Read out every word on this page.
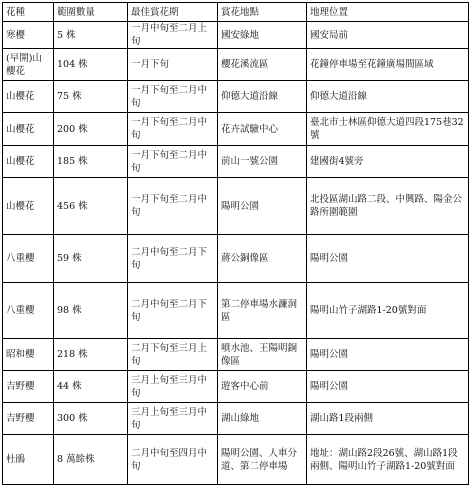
花種	範圍數量	最佳賞花期	賞花地點	地理位置
寒櫻	5 株	一月中旬至二月上旬	國安綠地	國安局前
(早開)山櫻花	104 株	一月下旬	櫻花溪流區	花鐘停車場至花鐘廣場間區域
山櫻花	75 株	一月下旬至二月中旬	仰德大道沿線	仰德大道沿線
山櫻花	200 株	一月下旬至二月中旬	花卉試驗中心	臺北市士林區仰德大道四段175巷32號
山櫻花	185 株	一月下旬至二月中旬	前山一號公園	建國街4號旁
山櫻花	456 株	一月下旬至二月中旬	陽明公園	北投區湖山路二段、中興路、陽金公路所圍範圍
八重櫻	59 株	二月中旬至二月下旬	蔣公銅像區	陽明公園
八重櫻	98 株	二月中旬至二月下旬	第二停車場水濂洞區	陽明山竹子湖路1-20號對面
昭和櫻	218 株	二月下旬至三月上旬	噴水池、王陽明銅像區	陽明公園
吉野櫻	44 株	三月上旬至三月中旬	遊客中心前	陽明公園
吉野櫻	300 株	三月上旬至三月中旬	湖山綠地	湖山路1段兩側
杜鵑	8 萬餘株	二月中旬至四月中旬	陽明公園、人車分道、第二停車場	地址：湖山路2段26號、湖山路1段兩側、陽明山竹子湖路1-20號對面
